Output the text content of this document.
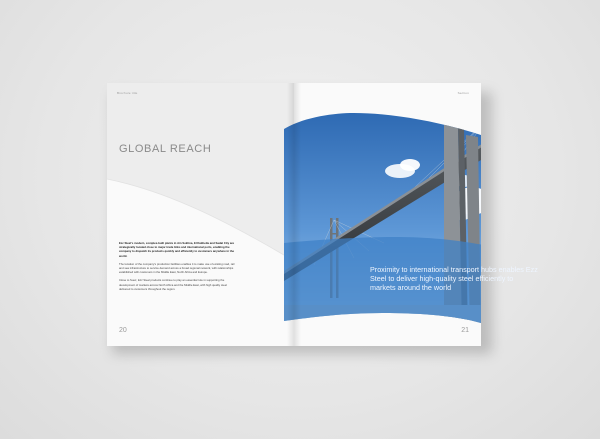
Brochure title
GLOBAL REACH

Ezz Steel's modern, complex-built plants in Ain Sokhna, El Dekheila and Sadat City are strategically located close to major trade links and international ports, enabling the company to dispatch its products quickly and efficiently to customers anywhere in the world.

The location of the company's production facilities enables it to make use of existing road, rail and sea infrastructure to service demand across a broad regional network, with relationships established with customers in the Middle East, North Africa and Europe.

Close to Suez, Ezz Steel products continue to play an essential role in supporting the development of markets across North Africa and the Middle East, with high quality steel delivered to customers throughout the region.

20
Section
Proximity to international transport hubs enables Ezz Steel to deliver high-quality steel efficiently to markets around the world
21
